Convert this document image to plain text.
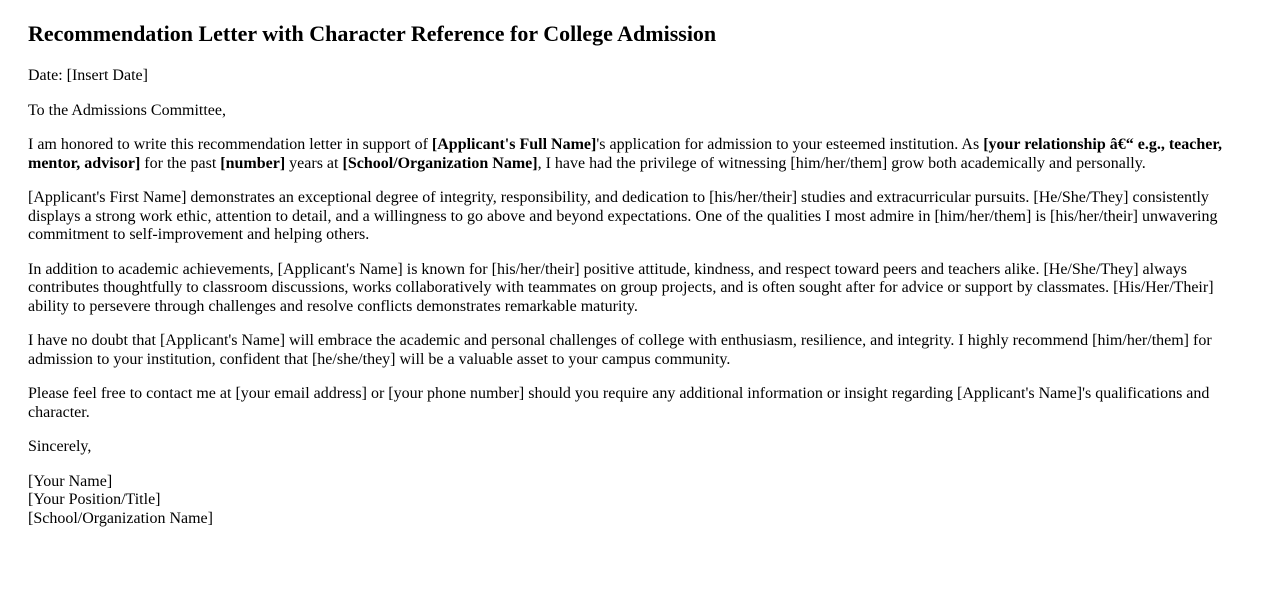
Recommendation Letter with Character Reference for College Admission

Date: [Insert Date]

To the Admissions Committee,

I am honored to write this recommendation letter in support of [Applicant's Full Name]'s application for admission to your esteemed institution. As [your relationship â€“ e.g., teacher, mentor, advisor] for the past [number] years at [School/Organization Name], I have had the privilege of witnessing [him/her/them] grow both academically and personally.

[Applicant's First Name] demonstrates an exceptional degree of integrity, responsibility, and dedication to [his/her/their] studies and extracurricular pursuits. [He/She/They] consistently displays a strong work ethic, attention to detail, and a willingness to go above and beyond expectations. One of the qualities I most admire in [him/her/them] is [his/her/their] unwavering commitment to self-improvement and helping others.

In addition to academic achievements, [Applicant's Name] is known for [his/her/their] positive attitude, kindness, and respect toward peers and teachers alike. [He/She/They] always contributes thoughtfully to classroom discussions, works collaboratively with teammates on group projects, and is often sought after for advice or support by classmates. [His/Her/Their] ability to persevere through challenges and resolve conflicts demonstrates remarkable maturity.

I have no doubt that [Applicant's Name] will embrace the academic and personal challenges of college with enthusiasm, resilience, and integrity. I highly recommend [him/her/them] for admission to your institution, confident that [he/she/they] will be a valuable asset to your campus community.

Please feel free to contact me at [your email address] or [your phone number] should you require any additional information or insight regarding [Applicant's Name]'s qualifications and character.

Sincerely,

[Your Name]
[Your Position/Title]
[School/Organization Name]
